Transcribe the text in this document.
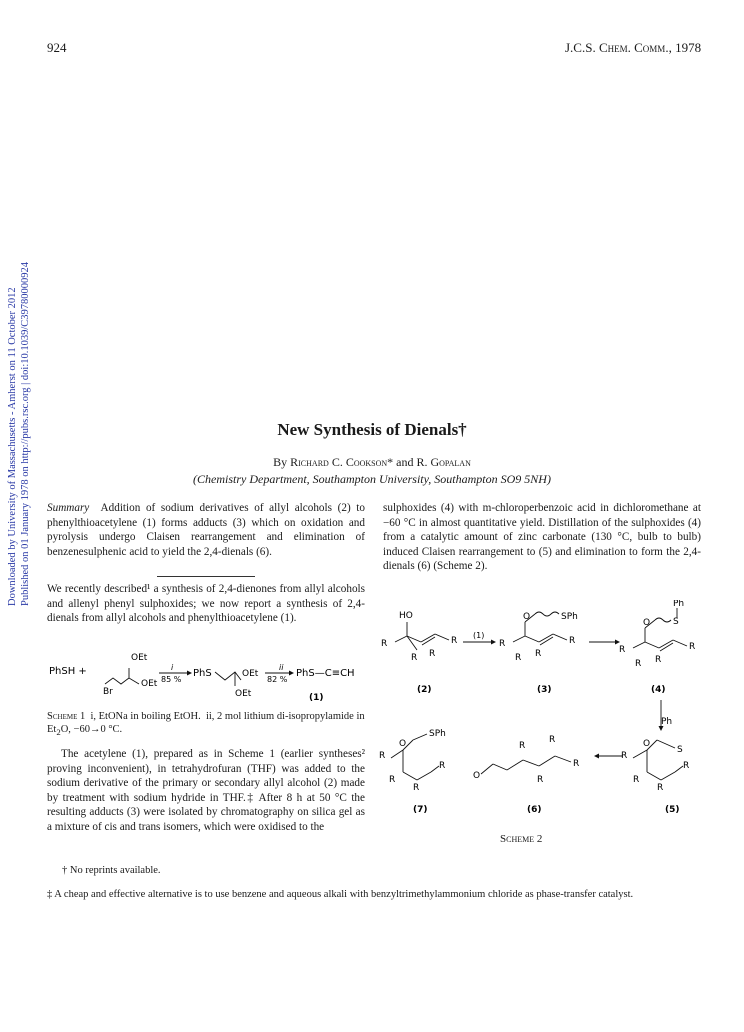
924	J.C.S. Chem. Comm., 1978
Downloaded by University of Massachusetts - Amherst on 11 October 2012 Published on 01 January 1978 on http://pubs.rsc.org | doi:10.1039/C39780000924	New Synthesis of Dienals†
By Richard C. Cookson* and R. Gopalan
(Chemistry Department, Southampton University, Southampton SO9 5NH)
Summary Addition of sodium derivatives of allyl alcohols (2) to phenylthioacetylene (1) forms adducts (3) which on oxidation and pyrolysis undergo Claisen rearrangement and elimination of benzenesulphenic acid to yield the 2,4-dienals (6).
We recently described¹ a synthesis of 2,4-dienones from allyl alcohols and allenyl phenyl sulphoxides; we now report a synthesis of 2,4-dienals from allyl alcohols and phenylthioacetylene (1).
PhSH +
OEt
OEt
Br
i
85 %
PhS	OEt
OEt
ii
82 %
PhS—C≡CH
(1)
Scheme 1  i, EtONa in boiling EtOH.  ii, 2 mol lithium di-isopropylamide in $Et_2O$, −60→0 °C.
The acetylene (1), prepared as in Scheme 1 (earlier syntheses² proving inconvenient), in tetrahydrofuran (THF) was added to the sodium derivative of the primary or secondary allyl alcohol (2) made by treatment with sodium hydride in THF.‡ After 8 h at 50 °C the resulting adducts (3) were isolated by chromatography on silica gel as a mixture of cis and trans isomers, which were oxidised to the
sulphoxides (4) with m-chloroperbenzoic acid in dichloromethane at −60 °C in almost quantitative yield. Distillation of the sulphoxides (4) from a catalytic amount of zinc carbonate (130 °C, bulb to bulb) induced Claisen rearrangement to (5) and elimination to form the 2,4-dienals (6) (Scheme 2).
HO
R
R R
R
(1)
(2)
O	SPh
R
R R
R
(3)
Ph
S
O
R
R R
R
(4)
Ph
S
O
R
R
R
R
(5)
O
R
R
R
R
(6)
SPh
O
R
R
R
R
(7)
Scheme 2
† No reprints available.
‡ A cheap and effective alternative is to use benzene and aqueous alkali with benzyltrimethylammonium chloride as phase-transfer catalyst.
